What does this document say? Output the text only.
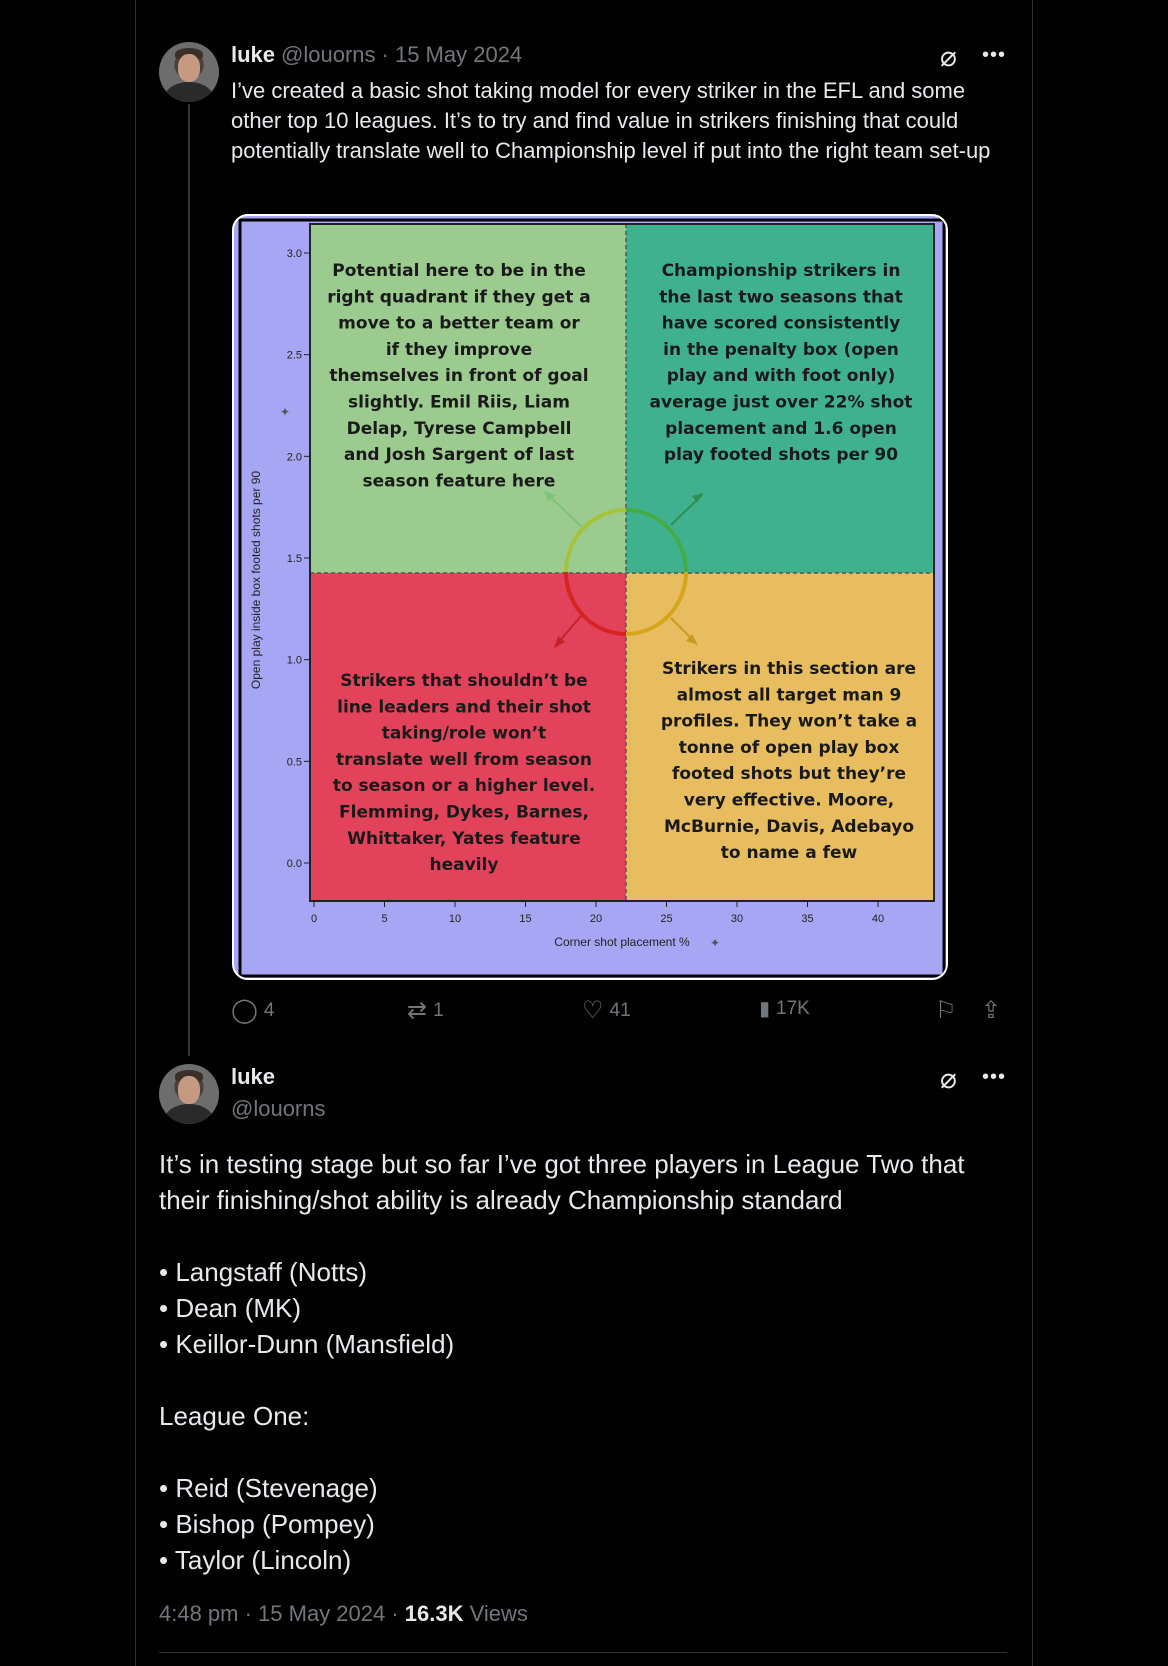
luke @louorns · 15 May 2024	⌀ •••
I’ve created a basic shot taking model for every striker in the EFL and some other top 10 leagues. It’s to try and find value in strikers finishing that could potentially translate well to Championship level if put into the right team set-up
3.0
2.5
2.0
1.5
1.0
0.5
0.0
0	5	10	15	20	25	30	35	40
Potential here to be in the right quadrant if they get a move to a better team or if they improve themselves in front of goal slightly. Emil Riis, Liam Delap, Tyrese Campbell and Josh Sargent of last season feature here
Championship strikers in the last two seasons that have scored consistently in the penalty box (open play and with foot only) average just over 22% shot placement and 1.6 open play footed shots per 90
Strikers that shouldn’t be line leaders and their shot taking/role won’t translate well from season to season or a higher level. Flemming, Dykes, Barnes, Whittaker, Yates feature heavily
Strikers in this section are almost all target man 9 profiles. They won’t take a tonne of open play box footed shots but they’re very effective. Moore, McBurnie, Davis, Adebayo to name a few
Open play inside box footed shots per 90
✦
Corner shot placement % ✦
◯ 4	⇄ 1	♡ 41	▮ 17K	⚐ ⇪
luke
@louorns
⌀ •••

It’s in testing stage but so far I’ve got three players in League Two that their finishing/shot ability is already Championship standard

• Langstaff (Notts)

• Dean (MK)

• Keillor-Dunn (Mansfield)

League One:

• Reid (Stevenage)

• Bishop (Pompey)

• Taylor (Lincoln)

4:48 pm · 15 May 2024 · 16.3K Views
